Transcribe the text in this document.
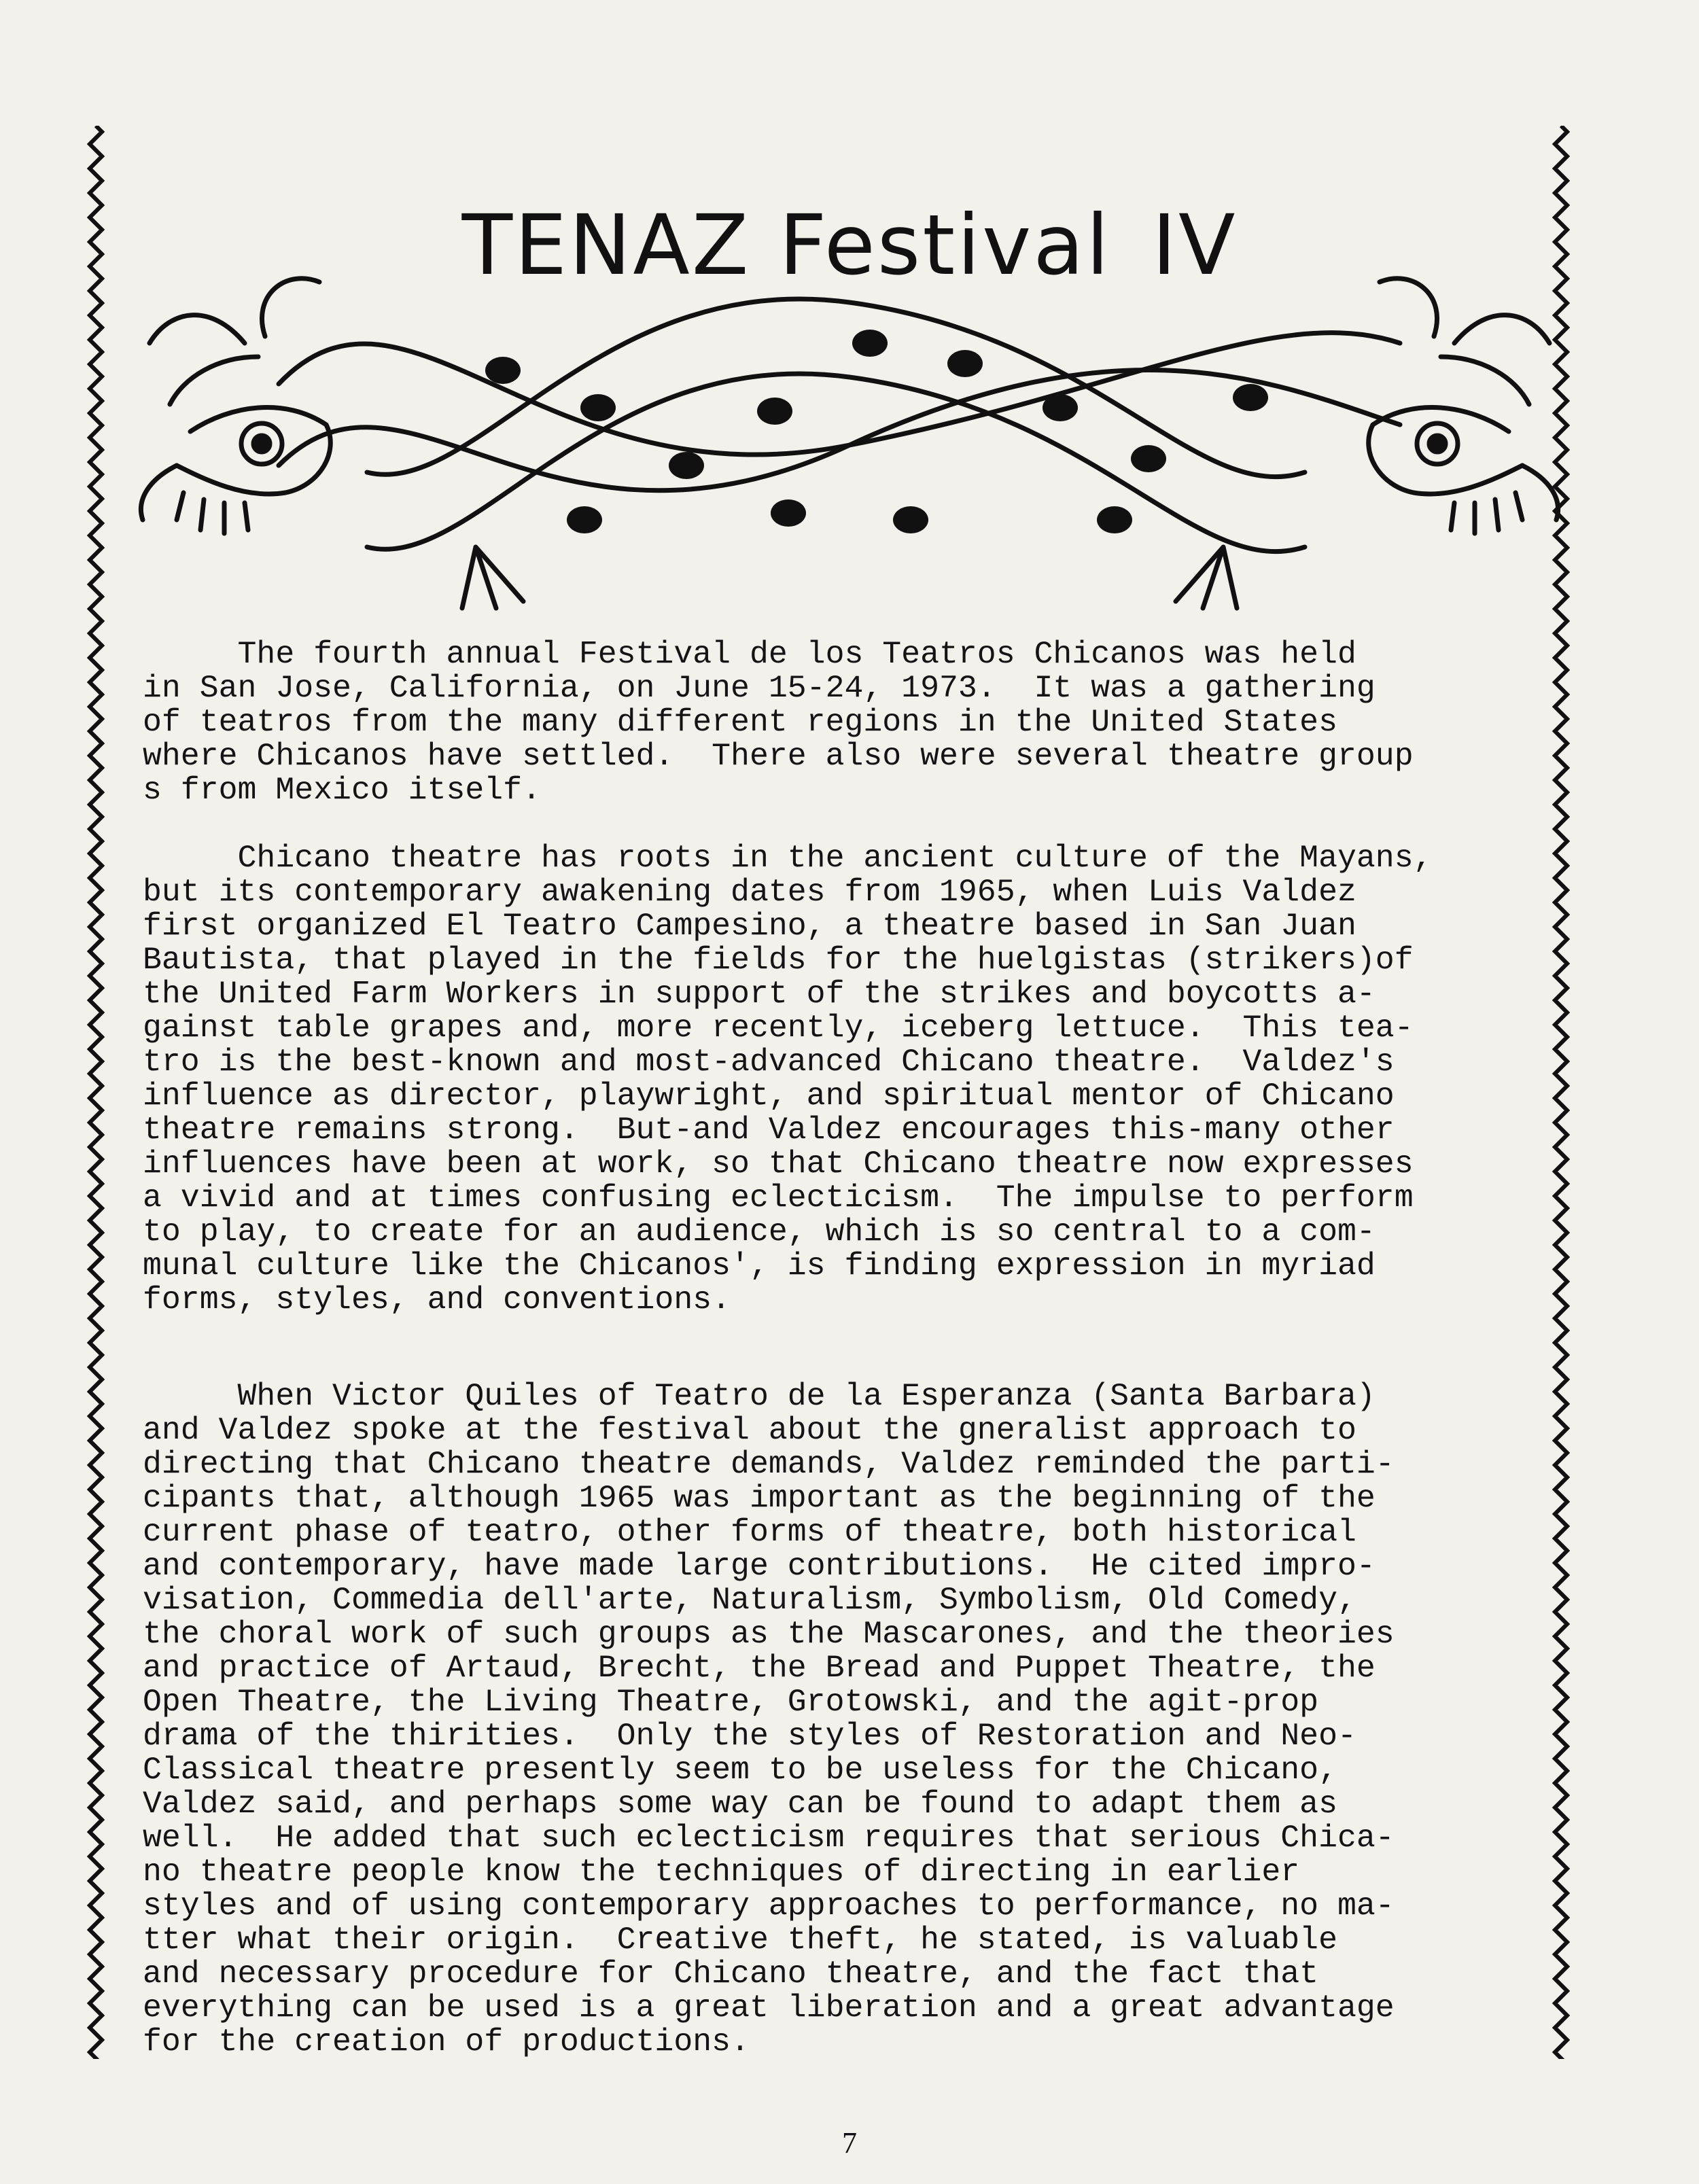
TENAZ Festival IV

The fourth annual Festival de los Teatros Chicanos was held
in San Jose, California, on June 15-24, 1973.  It was a gathering
of teatros from the many different regions in the United States
where Chicanos have settled.  There also were several theatre group
s from Mexico itself.

Chicano theatre has roots in the ancient culture of the Mayans,
but its contemporary awakening dates from 1965, when Luis Valdez
first organized El Teatro Campesino, a theatre based in San Juan
Bautista, that played in the fields for the huelgistas (strikers)of
the United Farm Workers in support of the strikes and boycotts a-
gainst table grapes and, more recently, iceberg lettuce.  This tea-
tro is the best-known and most-advanced Chicano theatre.  Valdez's
influence as director, playwright, and spiritual mentor of Chicano
theatre remains strong.  But-and Valdez encourages this-many other
influences have been at work, so that Chicano theatre now expresses
a vivid and at times confusing eclecticism.  The impulse to perform
to play, to create for an audience, which is so central to a com-
munal culture like the Chicanos', is finding expression in myriad
forms, styles, and conventions.

When Victor Quiles of Teatro de la Esperanza (Santa Barbara)
and Valdez spoke at the festival about the gneralist approach to
directing that Chicano theatre demands, Valdez reminded the parti-
cipants that, although 1965 was important as the beginning of the
current phase of teatro, other forms of theatre, both historical
and contemporary, have made large contributions.  He cited impro-
visation, Commedia dell'arte, Naturalism, Symbolism, Old Comedy,
the choral work of such groups as the Mascarones, and the theories
and practice of Artaud, Brecht, the Bread and Puppet Theatre, the
Open Theatre, the Living Theatre, Grotowski, and the agit-prop
drama of the thirities.  Only the styles of Restoration and Neo-
Classical theatre presently seem to be useless for the Chicano,
Valdez said, and perhaps some way can be found to adapt them as
well.  He added that such eclecticism requires that serious Chica-
no theatre people know the techniques of directing in earlier
styles and of using contemporary approaches to performance, no ma-
tter what their origin.  Creative theft, he stated, is valuable
and necessary procedure for Chicano theatre, and the fact that
everything can be used is a great liberation and a great advantage
for the creation of productions.

7
